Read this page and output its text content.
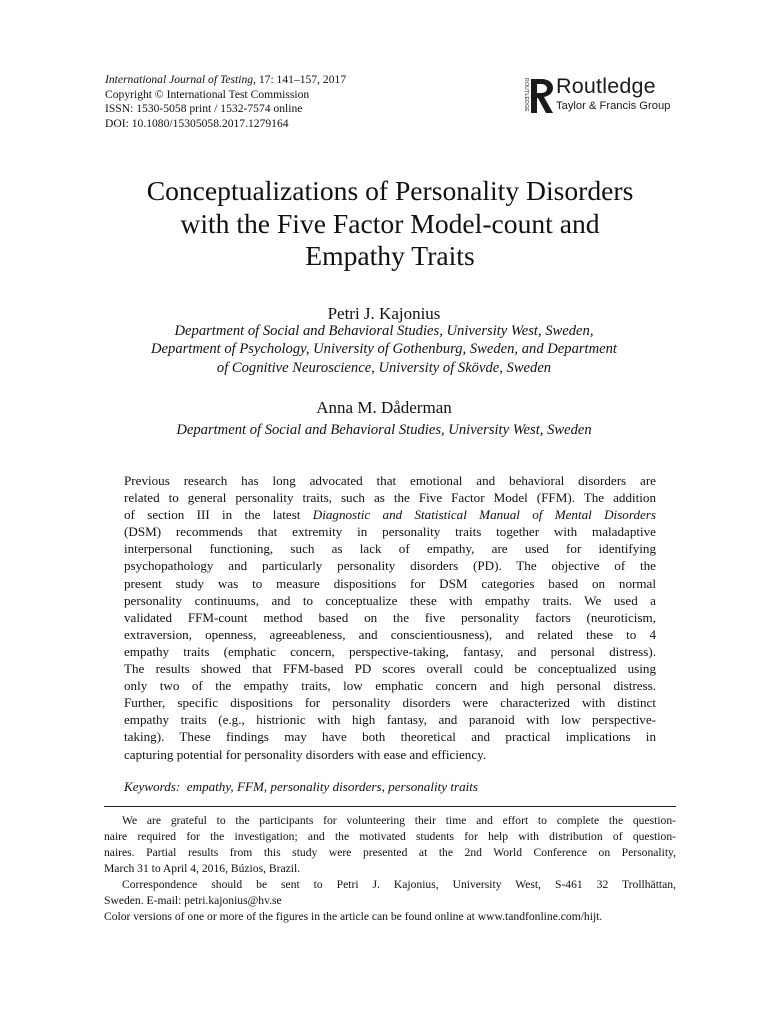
International Journal of Testing, 17: 141–157, 2017
Copyright © International Test Commission
ISSN: 1530-5058 print / 1532-7574 online
DOI: 10.1080/15305058.2017.1279164
ROUTLEDGE Routledge
Taylor & Francis Group
Conceptualizations of Personality Disorders
with the Five Factor Model-count and
Empathy Traits
Petri J. Kajonius
Department of Social and Behavioral Studies, University West, Sweden,
Department of Psychology, University of Gothenburg, Sweden, and Department
of Cognitive Neuroscience, University of Skövde, Sweden
Anna M. Dåderman
Department of Social and Behavioral Studies, University West, Sweden
Previous research has long advocated that emotional and behavioral disorders are
related to general personality traits, such as the Five Factor Model (FFM). The addition
of section III in the latest Diagnostic and Statistical Manual of Mental Disorders
(DSM) recommends that extremity in personality traits together with maladaptive
interpersonal functioning, such as lack of empathy, are used for identifying
psychopathology and particularly personality disorders (PD). The objective of the
present study was to measure dispositions for DSM categories based on normal
personality continuums, and to conceptualize these with empathy traits. We used a
validated FFM-count method based on the five personality factors (neuroticism,
extraversion, openness, agreeableness, and conscientiousness), and related these to 4
empathy traits (emphatic concern, perspective-taking, fantasy, and personal distress).
The results showed that FFM-based PD scores overall could be conceptualized using
only two of the empathy traits, low emphatic concern and high personal distress.
Further, specific dispositions for personality disorders were characterized with distinct
empathy traits (e.g., histrionic with high fantasy, and paranoid with low perspective-
taking). These findings may have both theoretical and practical implications in
capturing potential for personality disorders with ease and efficiency.
Keywords:  empathy, FFM, personality disorders, personality traits
We are grateful to the participants for volunteering their time and effort to complete the question-
naire required for the investigation; and the motivated students for help with distribution of question-
naires. Partial results from this study were presented at the 2nd World Conference on Personality,
March 31 to April 4, 2016, Búzios, Brazil.
Correspondence should be sent to Petri J. Kajonius, University West, S-461 32 Trollhättan,
Sweden. E-mail: petri.kajonius@hv.se
Color versions of one or more of the figures in the article can be found online at www.tandfonline.com/hijt.
